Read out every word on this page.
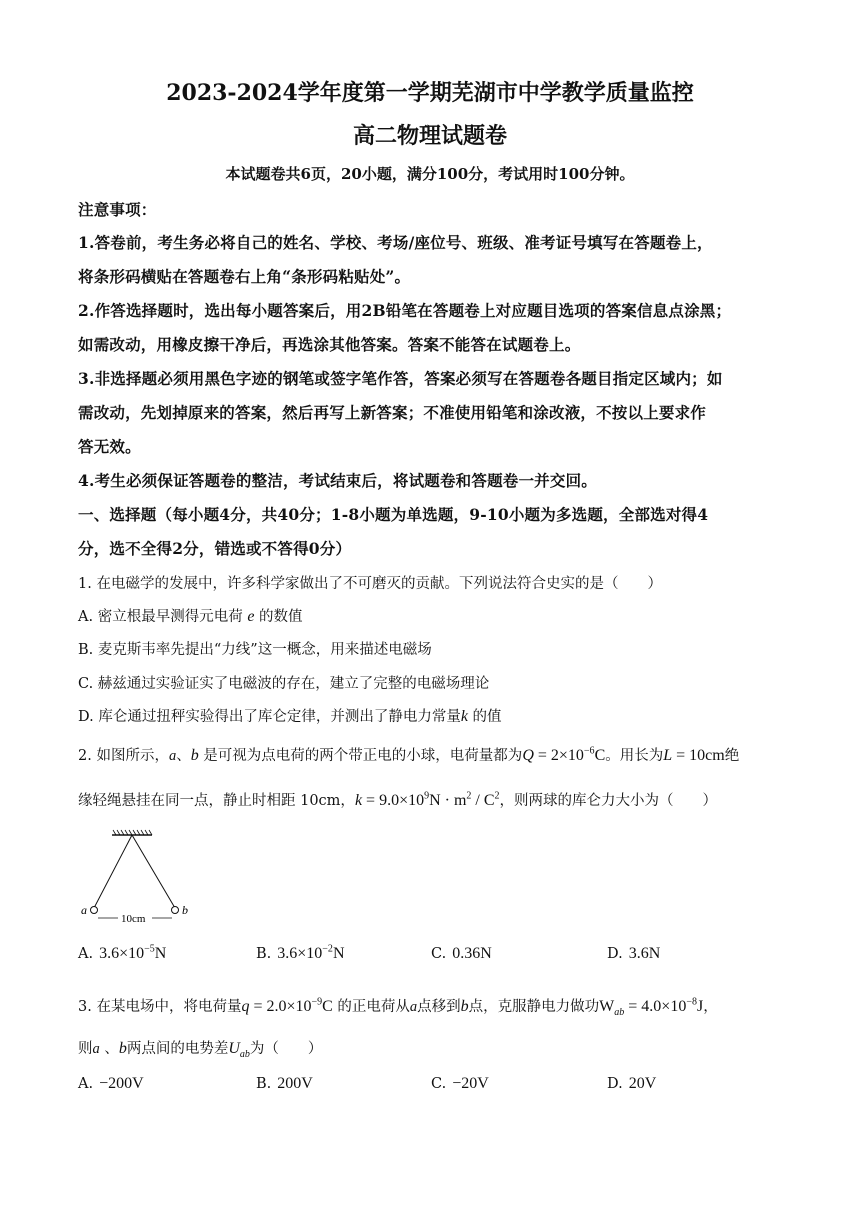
2023-2024学年度第一学期芜湖市中学教学质量监控
高二物理试题卷
本试题卷共6页，20小题，满分100分，考试用时100分钟。
注意事项：
1.答卷前，考生务必将自己的姓名、学校、考场/座位号、班级、准考证号填写在答题卷上，
将条形码横贴在答题卷右上角“条形码粘贴处”。
2.作答选择题时，选出每小题答案后，用2B铅笔在答题卷上对应题目选项的答案信息点涂黑；
如需改动，用橡皮擦干净后，再选涂其他答案。答案不能答在试题卷上。
3.非选择题必须用黑色字迹的钢笔或签字笔作答，答案必须写在答题卷各题目指定区域内；如
需改动，先划掉原来的答案，然后再写上新答案；不准使用铅笔和涂改液，不按以上要求作
答无效。
4.考生必须保证答题卷的整洁，考试结束后，将试题卷和答题卷一并交回。
一、选择题（每小题4分，共40分；1-8小题为单选题，9-10小题为多选题，全部选对得4
分，选不全得2分，错选或不答得0分）
1. 在电磁学的发展中，许多科学家做出了不可磨灭的贡献。下列说法符合史实的是（　　）
A. 密立根最早测得元电荷 e 的数值
B. 麦克斯韦率先提出“力线”这一概念，用来描述电磁场
C. 赫兹通过实验证实了电磁波的存在，建立了完整的电磁场理论
D. 库仑通过扭秤实验得出了库仑定律，并测出了静电力常量k 的值
2. 如图所示，a、b 是可视为点电荷的两个带正电的小球，电荷量都为$Q = 2\times 10^{-6}C$。用长为L = 10cm绝
缘轻绳悬挂在同一点，静止时相距 10cm，$k = 9.0\times 10^9N \cdot m^2 / C^2$，则两球的库仑力大小为（　　）
a	b
10cm
A. $3.6\times 10^{-5}N$	B. $3.6\times 10^{-2}N$	C. 0.36N	D. 3.6N
3. 在某电场中，将电荷量$q = 2.0\times 10^{-9}C$ 的正电荷从a点移到b点，克服静电力做功$W_{ab} = 4.0\times 10^{-8}J$，
则a 、b两点间的电势差$U_{ab}$为（　　）
A. −200V	B. 200V	C. −20V	D. 20V
